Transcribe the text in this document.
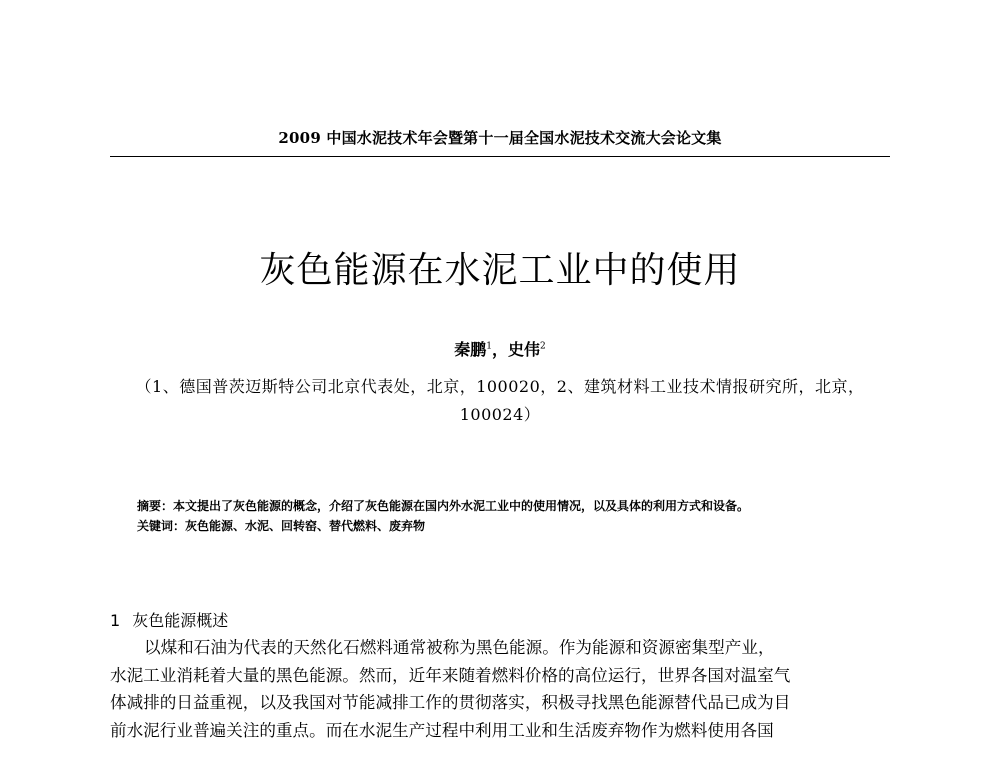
2009 中国水泥技术年会暨第十一届全国水泥技术交流大会论文集
灰色能源在水泥工业中的使用
秦鹏$^1$，史伟$^2$
（1、德国普茨迈斯特公司北京代表处，北京，100020，2、建筑材料工业技术情报研究所，北京，
100024）
摘要：本文提出了灰色能源的概念，介绍了灰色能源在国内外水泥工业中的使用情况，以及具体的利用方式和设备。
关键词：灰色能源、水泥、回转窑、替代燃料、废弃物
1 灰色能源概述
以煤和石油为代表的天然化石燃料通常被称为黑色能源。作为能源和资源密集型产业，
水泥工业消耗着大量的黑色能源。然而，近年来随着燃料价格的高位运行，世界各国对温室气
体减排的日益重视，以及我国对节能减排工作的贯彻落实，积极寻找黑色能源替代品已成为目
前水泥行业普遍关注的重点。而在水泥生产过程中利用工业和生活废弃物作为燃料使用各国
